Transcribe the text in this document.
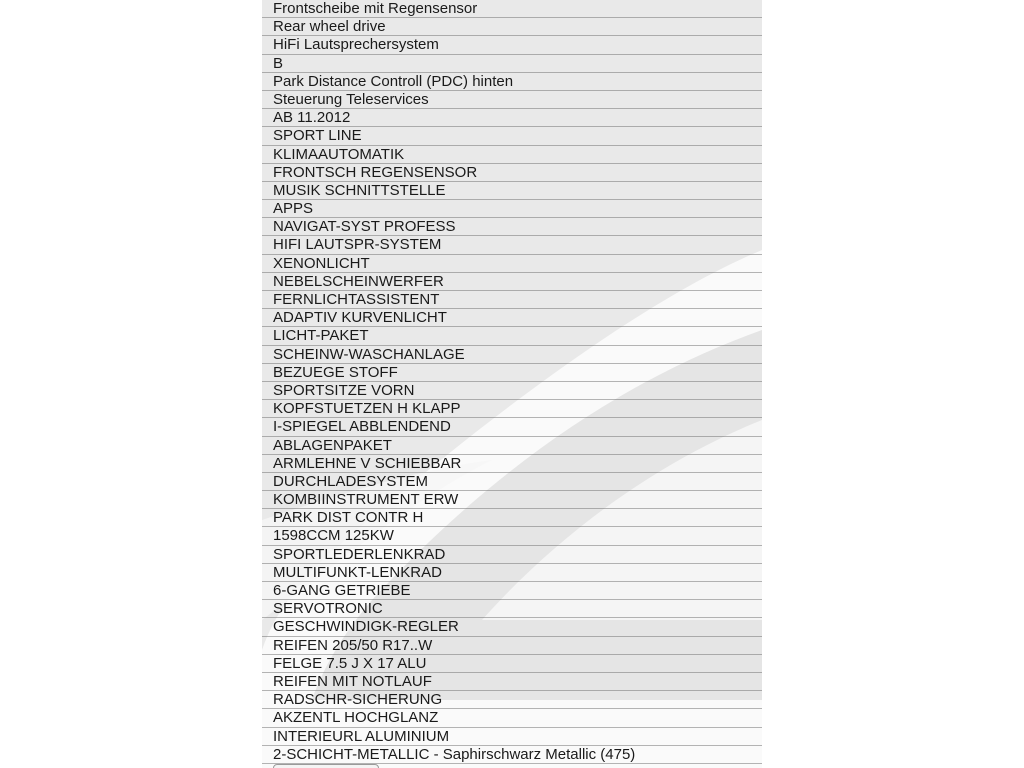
Frontscheibe mit Regensensor
Rear wheel drive
HiFi Lautsprechersystem
B
Park Distance Controll (PDC) hinten
Steuerung Teleservices
AB 11.2012
SPORT LINE
KLIMAAUTOMATIK
FRONTSCH REGENSENSOR
MUSIK SCHNITTSTELLE
APPS
NAVIGAT-SYST PROFESS
HIFI LAUTSPR-SYSTEM
XENONLICHT
NEBELSCHEINWERFER
FERNLICHTASSISTENT
ADAPTIV KURVENLICHT
LICHT-PAKET
SCHEINW-WASCHANLAGE
BEZUEGE STOFF
SPORTSITZE VORN
KOPFSTUETZEN H KLAPP
I-SPIEGEL ABBLENDEND
ABLAGENPAKET
ARMLEHNE V SCHIEBBAR
DURCHLADESYSTEM
KOMBIINSTRUMENT ERW
PARK DIST CONTR H
1598CCM 125KW
SPORTLEDERLENKRAD
MULTIFUNKT-LENKRAD
6-GANG GETRIEBE
SERVOTRONIC
GESCHWINDIGK-REGLER
REIFEN 205/50 R17..W
FELGE 7.5 J X 17 ALU
REIFEN MIT NOTLAUF
RADSCHR-SICHERUNG
AKZENTL HOCHGLANZ
INTERIEURL ALUMINIUM
2-SCHICHT-METALLIC - Saphirschwarz Metallic (475)
